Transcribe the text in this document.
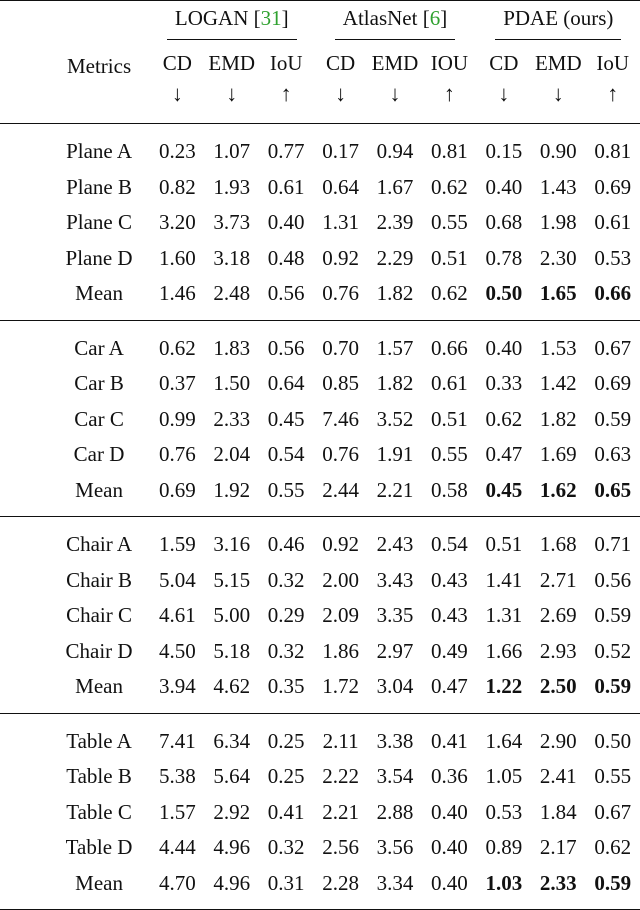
	LOGAN [31]			AtlasNet [6]			PDAE (ours)		
Metrics	CD	EMD	IoU	CD	EMD	IOU	CD	EMD	IoU
	↓	↓	↑	↓	↓	↑	↓	↓	↑
Plane A	0.23	1.07	0.77	0.17	0.94	0.81	0.15	0.90	0.81
Plane B	0.82	1.93	0.61	0.64	1.67	0.62	0.40	1.43	0.69
Plane C	3.20	3.73	0.40	1.31	2.39	0.55	0.68	1.98	0.61
Plane D	1.60	3.18	0.48	0.92	2.29	0.51	0.78	2.30	0.53
Mean	1.46	2.48	0.56	0.76	1.82	0.62	0.50	1.65	0.66
Car A	0.62	1.83	0.56	0.70	1.57	0.66	0.40	1.53	0.67
Car B	0.37	1.50	0.64	0.85	1.82	0.61	0.33	1.42	0.69
Car C	0.99	2.33	0.45	7.46	3.52	0.51	0.62	1.82	0.59
Car D	0.76	2.04	0.54	0.76	1.91	0.55	0.47	1.69	0.63
Mean	0.69	1.92	0.55	2.44	2.21	0.58	0.45	1.62	0.65
Chair A	1.59	3.16	0.46	0.92	2.43	0.54	0.51	1.68	0.71
Chair B	5.04	5.15	0.32	2.00	3.43	0.43	1.41	2.71	0.56
Chair C	4.61	5.00	0.29	2.09	3.35	0.43	1.31	2.69	0.59
Chair D	4.50	5.18	0.32	1.86	2.97	0.49	1.66	2.93	0.52
Mean	3.94	4.62	0.35	1.72	3.04	0.47	1.22	2.50	0.59
Table A	7.41	6.34	0.25	2.11	3.38	0.41	1.64	2.90	0.50
Table B	5.38	5.64	0.25	2.22	3.54	0.36	1.05	2.41	0.55
Table C	1.57	2.92	0.41	2.21	2.88	0.40	0.53	1.84	0.67
Table D	4.44	4.96	0.32	2.56	3.56	0.40	0.89	2.17	0.62
Mean	4.70	4.96	0.31	2.28	3.34	0.40	1.03	2.33	0.59
